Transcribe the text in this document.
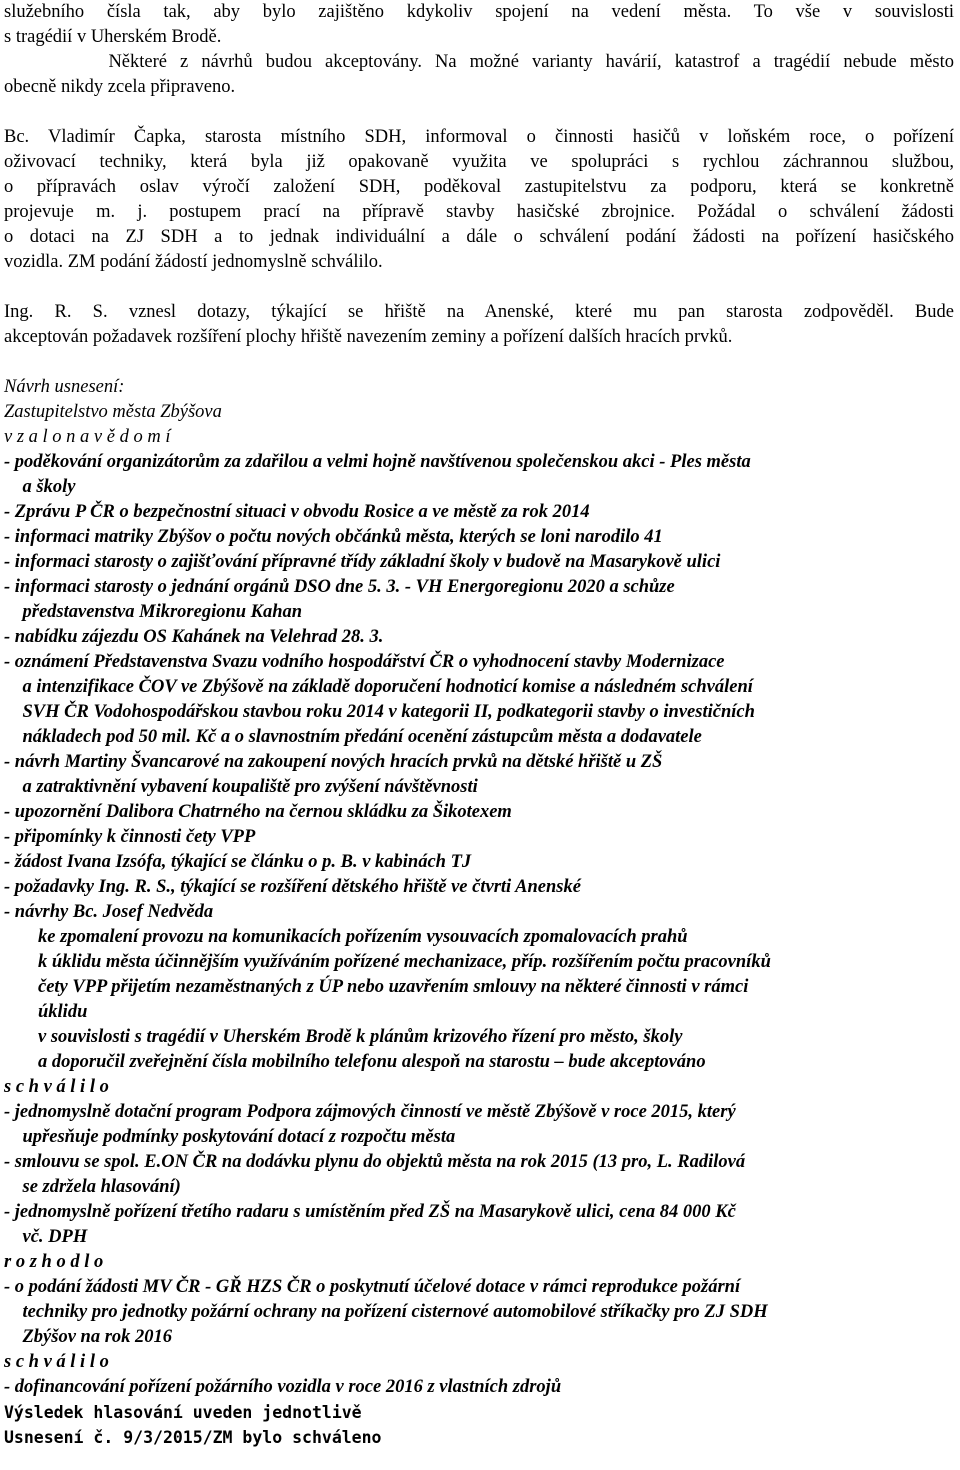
služebního čísla tak, aby bylo zajištěno kdykoliv spojení na vedení města. To vše v souvislosti
s tragédií v Uherském Brodě.
Některé z návrhů budou akceptovány. Na možné varianty havárií, katastrof a tragédií nebude město
obecně nikdy zcela připraveno.
Bc. Vladimír Čapka, starosta místního SDH, informoval o činnosti hasičů v loňském roce, o pořízení
oživovací techniky, která byla již opakovaně využita ve spolupráci s rychlou záchrannou službou,
o přípravách oslav výročí založení SDH, poděkoval zastupitelstvu za podporu, která se konkretně
projevuje m. j. postupem prací na přípravě stavby hasičské zbrojnice. Požádal o schválení žádosti
o dotaci na ZJ SDH a to jednak individuální a dále o schválení podání žádosti na pořízení hasičského
vozidla. ZM podání žádostí jednomyslně schválilo.
Ing. R. S. vznesl dotazy, týkající se hřiště na Anenské, které mu pan starosta zodpověděl. Bude
akceptován požadavek rozšíření plochy hřiště navezením zeminy a pořízení dalších hracích prvků.
Návrh usnesení:
Zastupitelstvo města Zbýšova
v z a l o n a v ě d o m í
- poděkování organizátorům za zdařilou a velmi hojně navštívenou společenskou akci - Ples města
a školy
- Zprávu P ČR o bezpečnostní situaci v obvodu Rosice a ve městě za rok 2014
- informaci matriky Zbýšov o počtu nových občánků města, kterých se loni narodilo 41
- informaci starosty o zajišťování přípravné třídy základní školy v budově na Masarykově ulici
- informaci starosty o jednání orgánů DSO dne 5. 3. - VH Energoregionu 2020 a schůze
představenstva Mikroregionu Kahan
- nabídku zájezdu OS Kahánek na Velehrad 28. 3.
- oznámení Představenstva Svazu vodního hospodářství ČR o vyhodnocení stavby Modernizace
a intenzifikace ČOV ve Zbýšově na základě doporučení hodnoticí komise a následném schválení
SVH ČR Vodohospodářskou stavbou roku 2014 v kategorii II, podkategorii stavby o investičních
nákladech pod 50 mil. Kč a o slavnostním předání ocenění zástupcům města a dodavatele
- návrh Martiny Švancarové na zakoupení nových hracích prvků na dětské hřiště u ZŠ
a zatraktivnění vybavení koupaliště pro zvýšení návštěvnosti
- upozornění Dalibora Chatrného na černou skládku za Šikotexem
- připomínky k činnosti čety VPP
- žádost Ivana Izsófa, týkající se článku o p. B. v kabinách TJ
- požadavky Ing. R. S., týkající se rozšíření dětského hřiště ve čtvrti Anenské
- návrhy Bc. Josef Nedvěda
ke zpomalení provozu na komunikacích pořízením vysouvacích zpomalovacích prahů
k úklidu města účinnějším využíváním pořízené mechanizace, příp. rozšířením počtu pracovníků
čety VPP přijetím nezaměstnaných z ÚP nebo uzavřením smlouvy na některé činnosti v rámci
úklidu
v souvislosti s tragédií v Uherském Brodě k plánům krizového řízení pro město, školy
a doporučil zveřejnění čísla mobilního telefonu alespoň na starostu – bude akceptováno
s c h v á l i l o
- jednomyslně dotační program Podpora zájmových činností ve městě Zbýšově v roce 2015, který
upřesňuje podmínky poskytování dotací z rozpočtu města
- smlouvu se spol. E.ON ČR na dodávku plynu do objektů města na rok 2015 (13 pro, L. Radilová
se zdržela hlasování)
- jednomyslně pořízení třetího radaru s umístěním před ZŠ na Masarykově ulici, cena 84 000 Kč
vč. DPH
r o z h o d l o
- o podání žádosti MV ČR - GŘ HZS ČR o poskytnutí účelové dotace v rámci reprodukce požární
techniky pro jednotky požární ochrany na pořízení cisternové automobilové stříkačky pro ZJ SDH
Zbýšov na rok 2016
s c h v á l i l o
- dofinancování pořízení požárního vozidla v roce 2016 z vlastních zdrojů
Výsledek hlasování uveden jednotlivě
Usnesení č. 9/3/2015/ZM bylo schváleno
